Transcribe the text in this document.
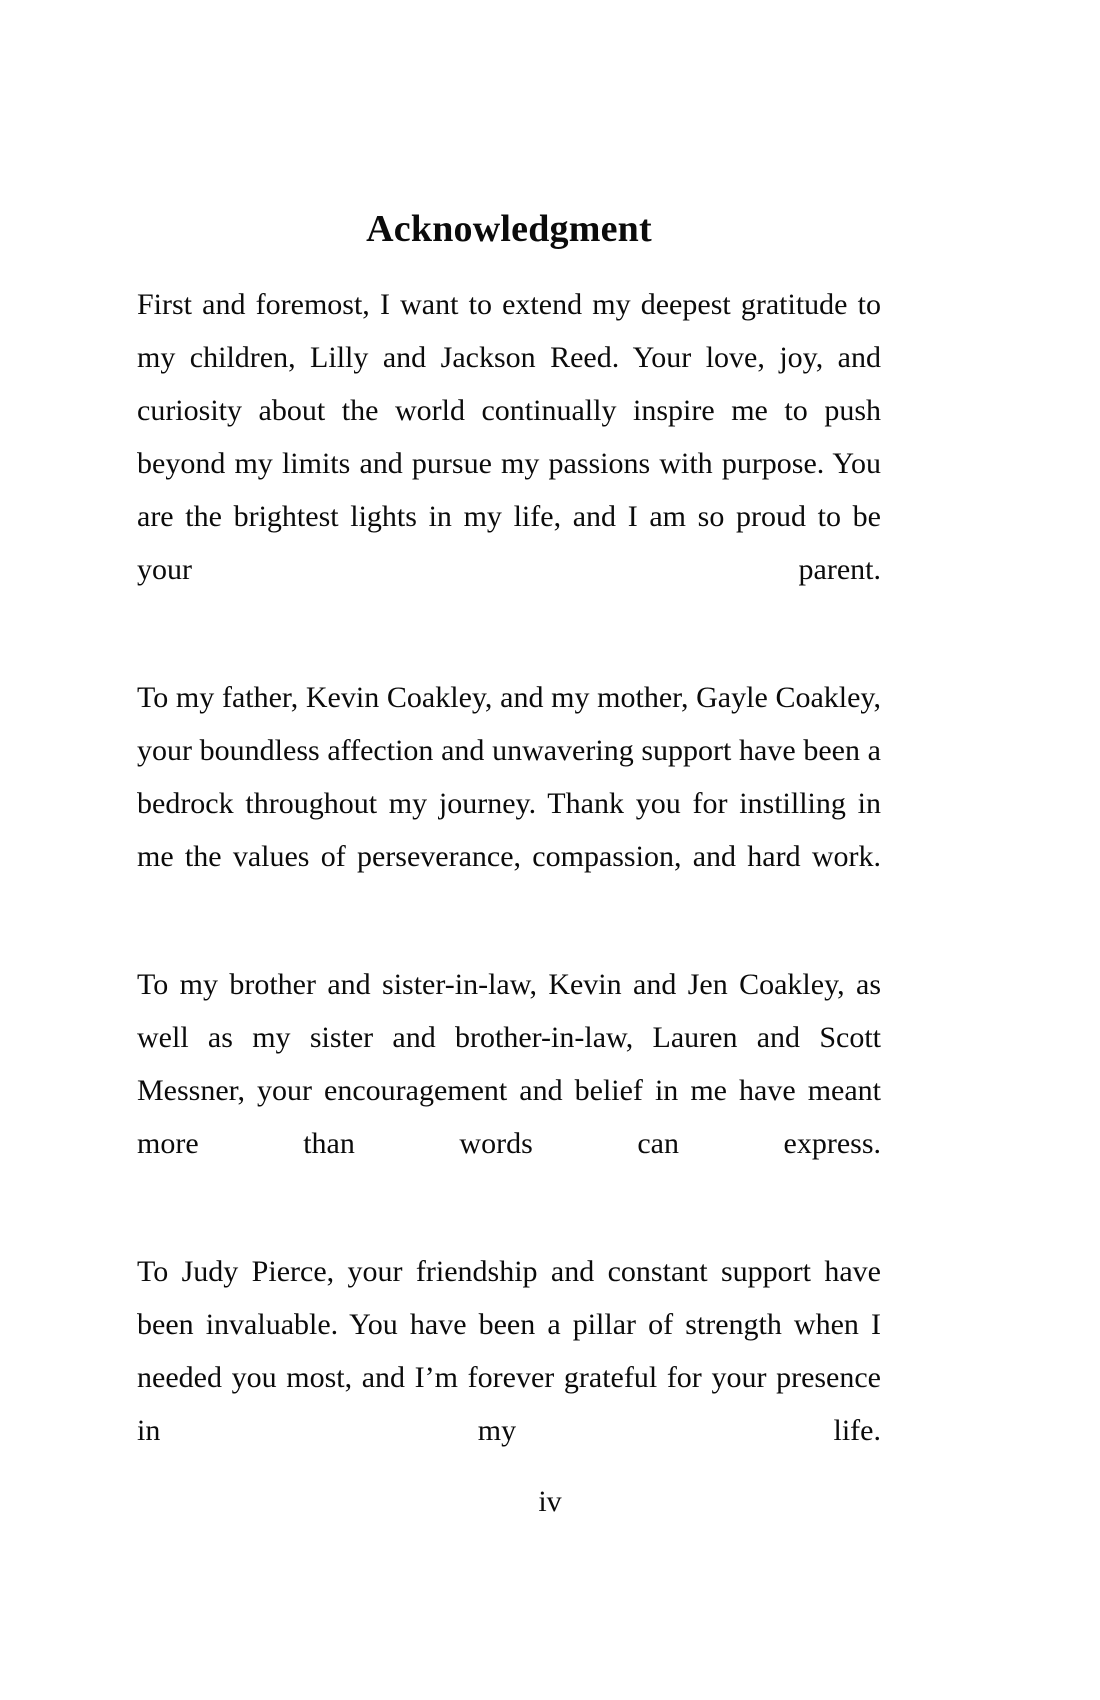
Acknowledgment

First and foremost, I want to extend my deepest gratitude to my children, Lilly and Jackson Reed. Your love, joy, and curiosity about the world continually inspire me to push beyond my limits and pursue my passions with purpose. You are the brightest lights in my life, and I am so proud to be your parent.

To my father, Kevin Coakley, and my mother, Gayle Coakley, your boundless affection and unwavering support have been a bedrock throughout my journey. Thank you for instilling in me the values of perseverance, compassion, and hard work.

To my brother and sister-in-law, Kevin and Jen Coakley, as well as my sister and brother-in-law, Lauren and Scott Messner, your encouragement and belief in me have meant more than words can express.

To Judy Pierce, your friendship and constant support have been invaluable. You have been a pillar of strength when I needed you most, and I’m forever grateful for your presence in my life.

iv
